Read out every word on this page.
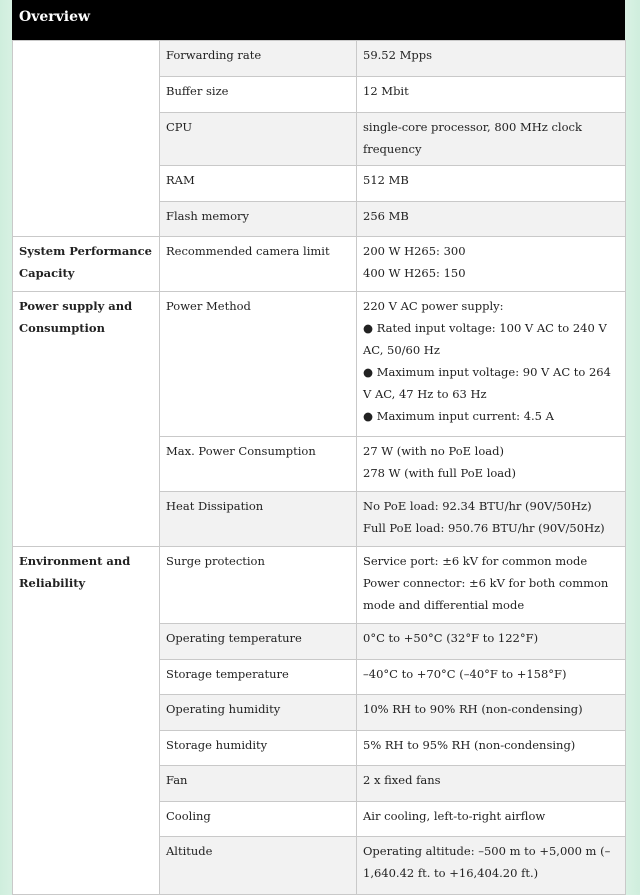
Overview
	Forwarding rate	59.52 Mpps

	Buffer size	12 Mbit

	CPU	single-core processor, 800 MHz clock frequency

	RAM	512 MB

	Flash memory	256 MB

System Performance Capacity	Recommended camera limit	200 W H265: 300
400 W H265: 150

Power supply and Consumption	Power Method	220 V AC power supply:
● Rated input voltage: 100 V AC to 240 V AC, 50/60 Hz
● Maximum input voltage: 90 V AC to 264 V AC, 47 Hz to 63 Hz
● Maximum input current: 4.5 A

	Max. Power Consumption	27 W (with no PoE load)
278 W (with full PoE load)

	Heat Dissipation	No PoE load: 92.34 BTU/hr (90V/50Hz)
Full PoE load: 950.76 BTU/hr (90V/50Hz)

Environment and Reliability	Surge protection	Service port: ±6 kV for common mode
Power connector: ±6 kV for both common mode and differential mode

	Operating temperature	0°C to +50°C (32°F to 122°F)

	Storage temperature	–40°C to +70°C (–40°F to +158°F)

	Operating humidity	10% RH to 90% RH (non-condensing)

	Storage humidity	5% RH to 95% RH (non-condensing)

	Fan	2 x fixed fans

	Cooling	Air cooling, left-to-right airflow

	Altitude	Operating altitude: –500 m to +5,000 m (–1,640.42 ft. to +16,404.20 ft.)
